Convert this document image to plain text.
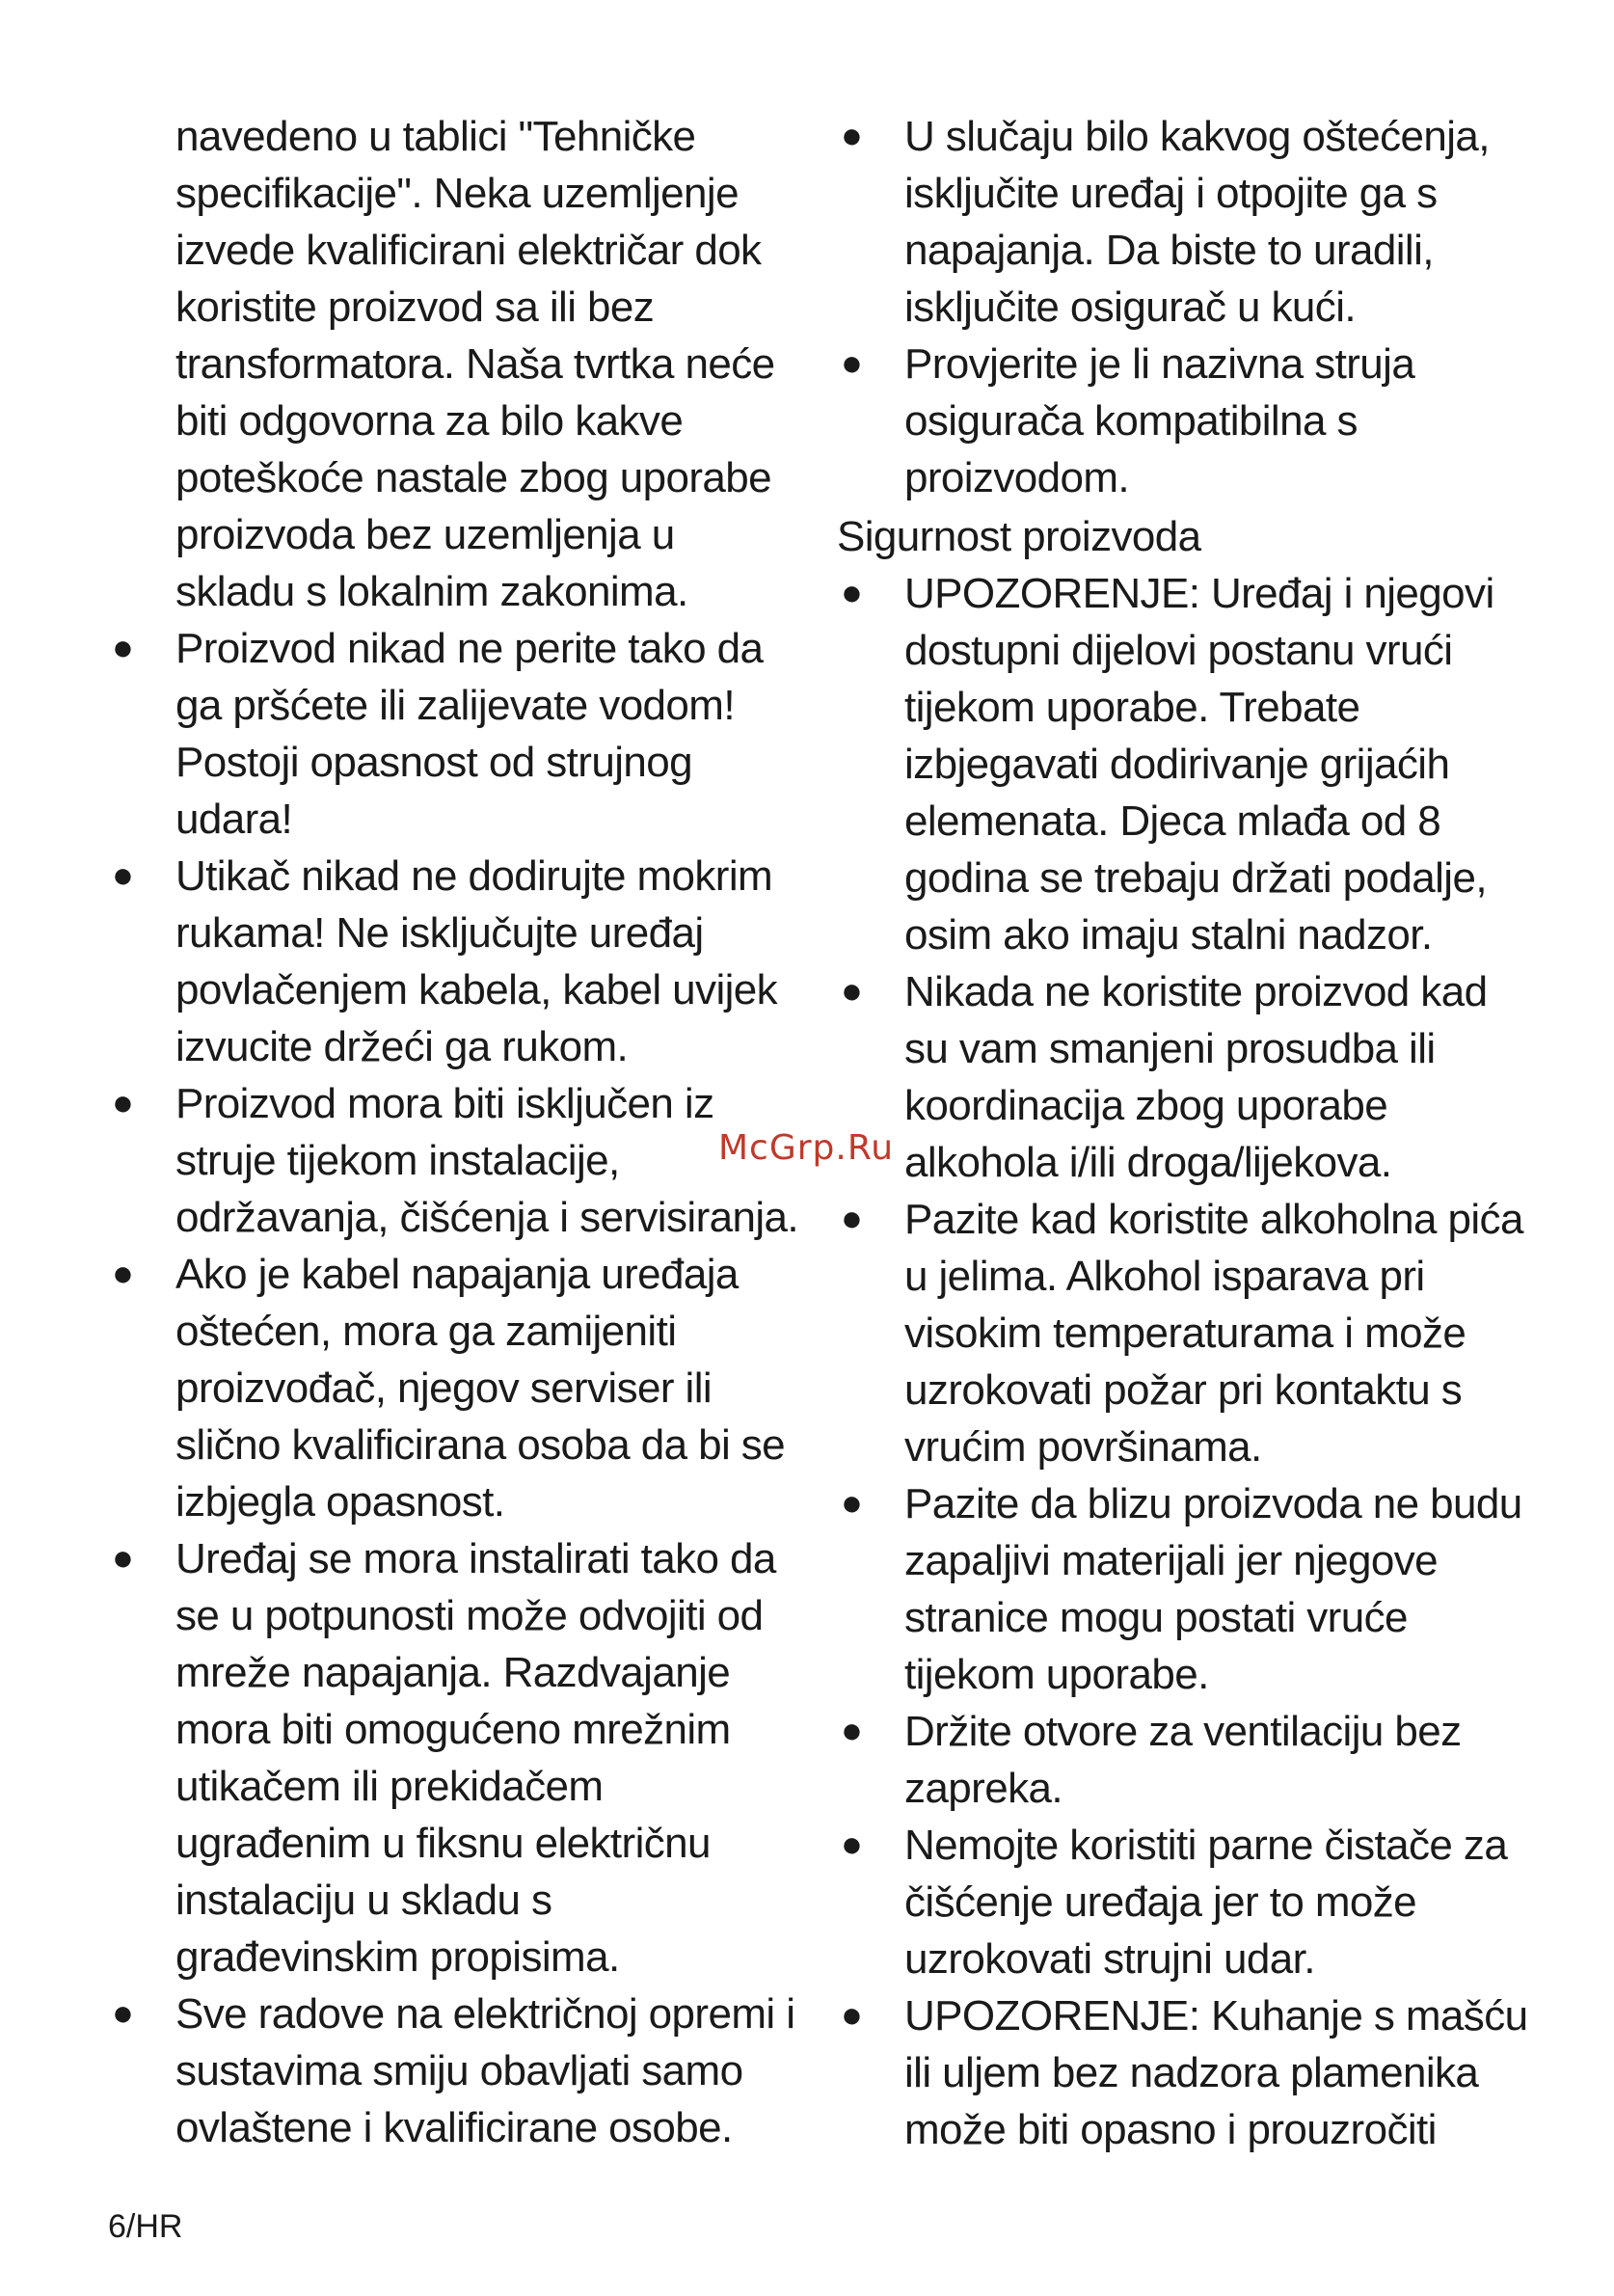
navedeno u tablici "Tehničke specifikacije". Neka uzemljenje izvede kvalificirani električar dok koristite proizvod sa ili bez transformatora. Naša tvrtka neće biti odgovorna za bilo kakve poteškoće nastale zbog uporabe proizvoda bez uzemljenja u skladu s lokalnim zakonima.
● Proizvod nikad ne perite tako da ga pršćete ili zalijevate vodom! Postoji opasnost od strujnog udara!
● Utikač nikad ne dodirujte mokrim rukama! Ne isključujte uređaj povlačenjem kabela, kabel uvijek izvucite držeći ga rukom.
● Proizvod mora biti isključen iz struje tijekom instalacije, održavanja, čišćenja i servisiranja.
● Ako je kabel napajanja uređaja oštećen, mora ga zamijeniti proizvođač, njegov serviser ili slično kvalificirana osoba da bi se izbjegla opasnost.
● Uređaj se mora instalirati tako da se u potpunosti može odvojiti od mreže napajanja. Razdvajanje mora biti omogućeno mrežnim utikačem ili prekidačem ugrađenim u fiksnu električnu instalaciju u skladu s građevinskim propisima.
● Sve radove na električnoj opremi i sustavima smiju obavljati samo ovlaštene i kvalificirane osobe.
● U slučaju bilo kakvog oštećenja, isključite uređaj i otpojite ga s napajanja. Da biste to uradili, isključite osigurač u kući.
● Provjerite je li nazivna struja osigurača kompatibilna s proizvodom.
Sigurnost proizvoda
● UPOZORENJE: Uređaj i njegovi dostupni dijelovi postanu vrući tijekom uporabe. Trebate izbjegavati dodirivanje grijaćih elemenata. Djeca mlađa od 8 godina se trebaju držati podalje, osim ako imaju stalni nadzor.
● Nikada ne koristite proizvod kad su vam smanjeni prosudba ili koordinacija zbog uporabe alkohola i/ili droga/lijekova.
● Pazite kad koristite alkoholna pića u jelima. Alkohol isparava pri visokim temperaturama i može uzrokovati požar pri kontaktu s vrućim površinama.
● Pazite da blizu proizvoda ne budu zapaljivi materijali jer njegove stranice mogu postati vruće tijekom uporabe.
● Držite otvore za ventilaciju bez zapreka.
● Nemojte koristiti parne čistače za čišćenje uređaja jer to može uzrokovati strujni udar.
● UPOZORENJE: Kuhanje s mašću ili uljem bez nadzora plamenika može biti opasno i prouzročiti
McGrp.Ru
6/HR
